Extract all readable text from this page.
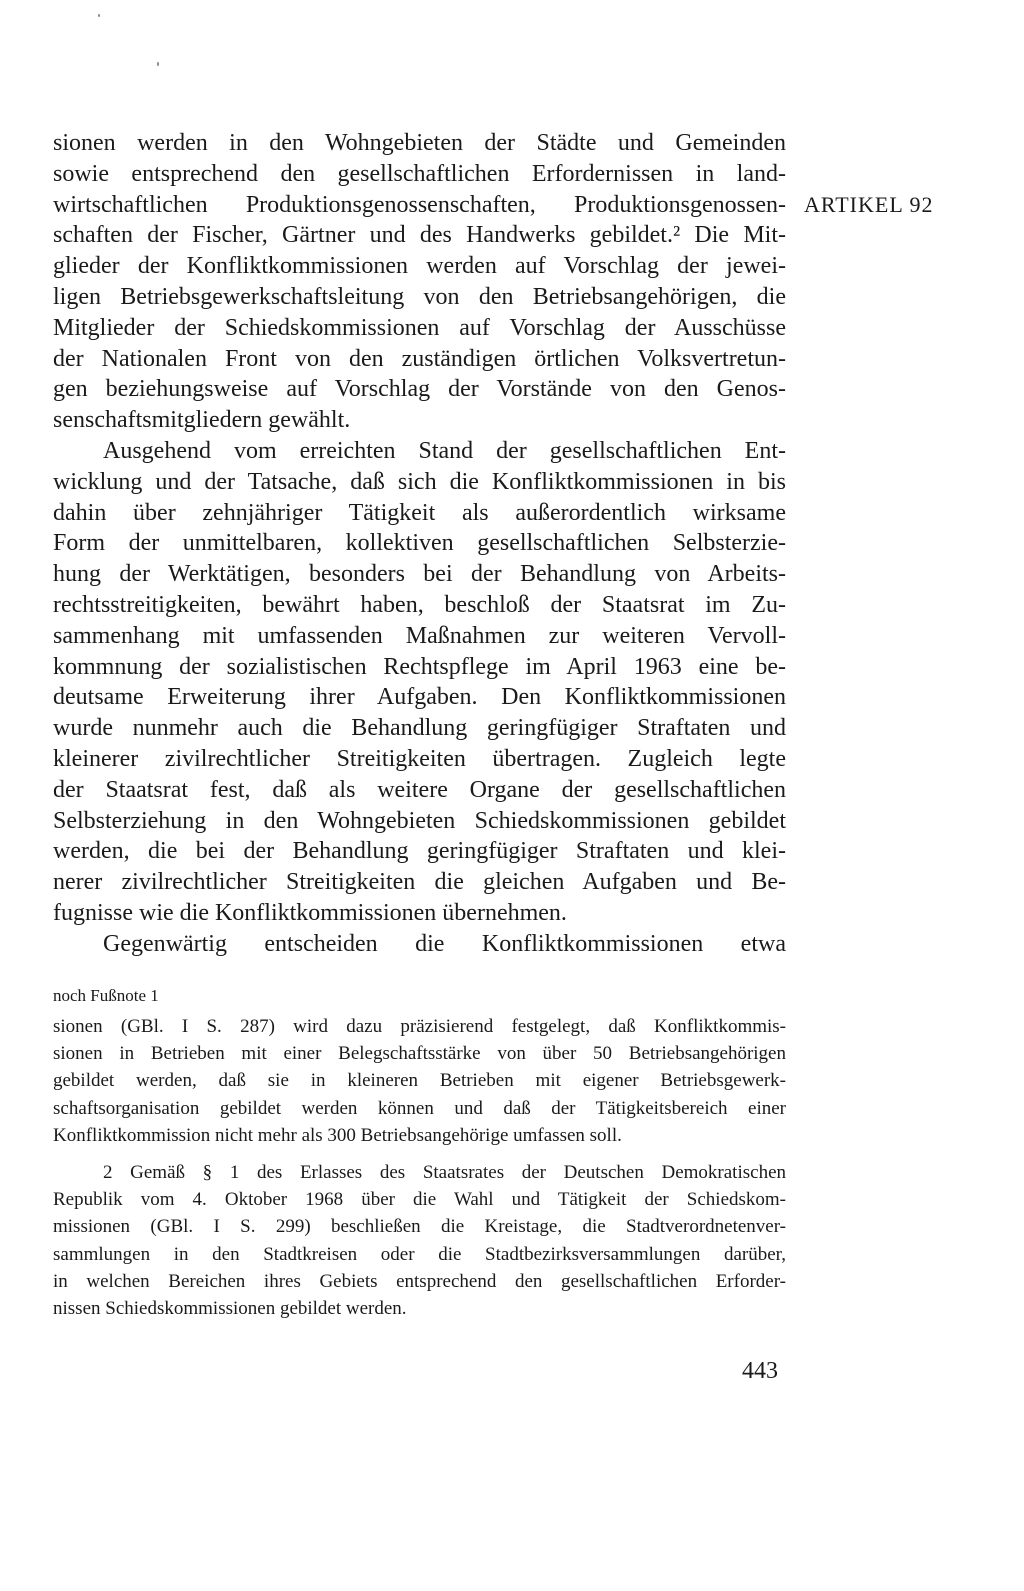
sionen werden in den Wohngebieten der Städte und Gemeinden
sowie entsprechend den gesellschaftlichen Erfordernissen in land-
wirtschaftlichen Produktionsgenossenschaften, Produktionsgenossen-
schaften der Fischer, Gärtner und des Handwerks gebildet.² Die Mit-
glieder der Konfliktkommissionen werden auf Vorschlag der jewei-
ligen Betriebsgewerkschaftsleitung von den Betriebsangehörigen, die
Mitglieder der Schiedskommissionen auf Vorschlag der Ausschüsse
der Nationalen Front von den zuständigen örtlichen Volksvertretun-
gen beziehungsweise auf Vorschlag der Vorstände von den Genos-
senschaftsmitgliedern gewählt.
Ausgehend vom erreichten Stand der gesellschaftlichen Ent-
wicklung und der Tatsache, daß sich die Konfliktkommissionen in bis
dahin über zehnjähriger Tätigkeit als außerordentlich wirksame
Form der unmittelbaren, kollektiven gesellschaftlichen Selbsterzie-
hung der Werktätigen, besonders bei der Behandlung von Arbeits-
rechtsstreitigkeiten, bewährt haben, beschloß der Staatsrat im Zu-
sammenhang mit umfassenden Maßnahmen zur weiteren Vervoll-
kommnung der sozialistischen Rechtspflege im April 1963 eine be-
deutsame Erweiterung ihrer Aufgaben. Den Konfliktkommissionen
wurde nunmehr auch die Behandlung geringfügiger Straftaten und
kleinerer zivilrechtlicher Streitigkeiten übertragen. Zugleich legte
der Staatsrat fest, daß als weitere Organe der gesellschaftlichen
Selbsterziehung in den Wohngebieten Schiedskommissionen gebildet
werden, die bei der Behandlung geringfügiger Straftaten und klei-
nerer zivilrechtlicher Streitigkeiten die gleichen Aufgaben und Be-
fugnisse wie die Konfliktkommissionen übernehmen.
Gegenwärtig entscheiden die Konfliktkommissionen etwa
ARTIKEL 92
noch Fußnote 1
sionen (GBl. I S. 287) wird dazu präzisierend festgelegt, daß Konfliktkommis-
sionen in Betrieben mit einer Belegschaftsstärke von über 50 Betriebsangehörigen
gebildet werden, daß sie in kleineren Betrieben mit eigener Betriebsgewerk-
schaftsorganisation gebildet werden können und daß der Tätigkeitsbereich einer
Konfliktkommission nicht mehr als 300 Betriebsangehörige umfassen soll.
2 Gemäß § 1 des Erlasses des Staatsrates der Deutschen Demokratischen
Republik vom 4. Oktober 1968 über die Wahl und Tätigkeit der Schiedskom-
missionen (GBl. I S. 299) beschließen die Kreistage, die Stadtverordnetenver-
sammlungen in den Stadtkreisen oder die Stadtbezirksversammlungen darüber,
in welchen Bereichen ihres Gebiets entsprechend den gesellschaftlichen Erforder-
nissen Schiedskommissionen gebildet werden.
443
